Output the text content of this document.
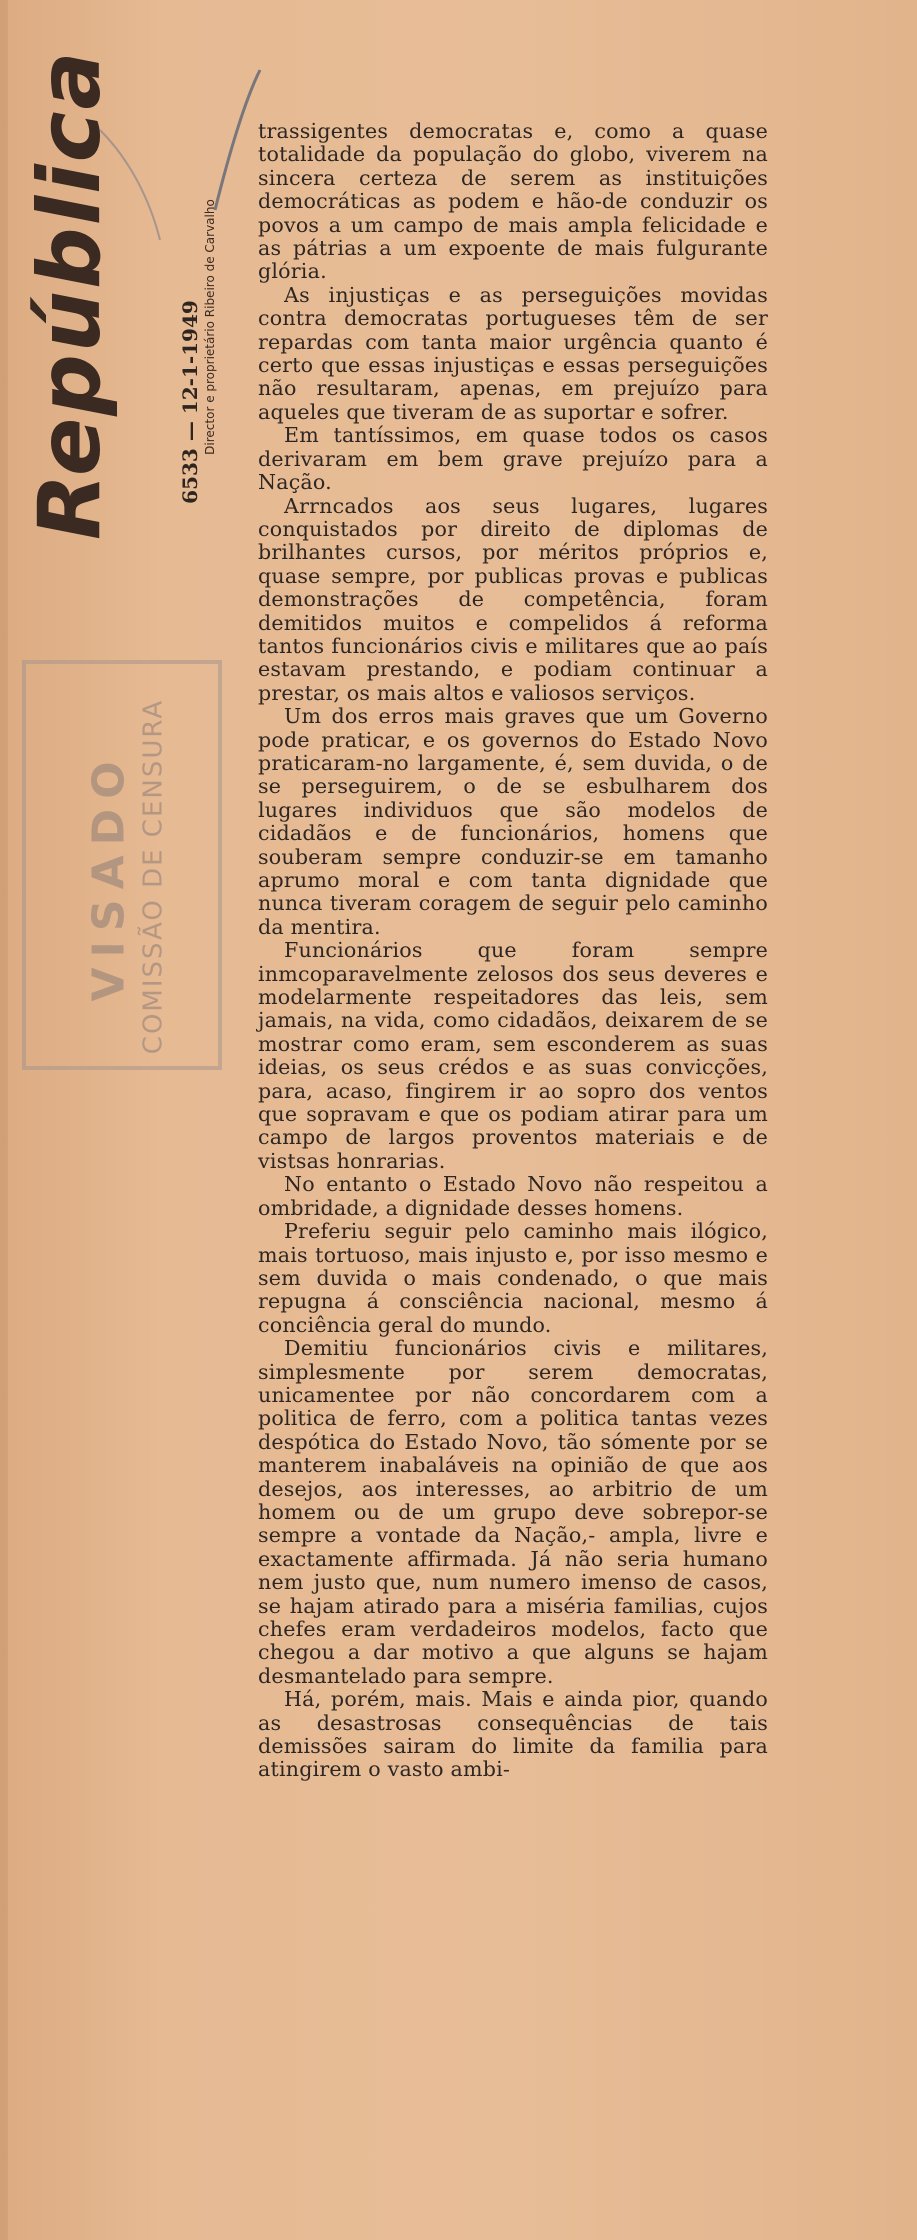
República	Director e proprietário Ribeiro de Carvalho
6533 — 12-1-1949
VISADO COMISSÃO DE CENSURA

trassigentes democratas e, como a quase totalidade da população do globo, viverem na sincera certeza de serem as instituições democráticas as podem e hão-de conduzir os povos a um campo de mais ampla felicidade e as pátrias a um expoente de mais fulgurante glória.

As injustiças e as perseguições movidas contra democratas portugueses têm de ser repardas com tanta maior urgência quanto é certo que essas injustiças e essas perseguições não resultaram, apenas, em prejuízo para aqueles que tiveram de as suportar e sofrer.

Em tantíssimos, em quase todos os casos derivaram em bem grave prejuízo para a Nação.

Arrncados aos seus lugares, lugares conquistados por direito de diplomas de brilhantes cursos, por méritos próprios e, quase sempre, por publicas provas e publicas demonstrações de competência, foram demitidos muitos e compelidos á reforma tantos funcionários civis e militares que ao país estavam prestando, e podiam continuar a prestar, os mais altos e valiosos serviços.

Um dos erros mais graves que um Governo pode praticar, e os governos do Estado Novo praticaram-no largamente, é, sem duvida, o de se perseguirem, o de se esbulharem dos lugares individuos que são modelos de cidadãos e de funcionários, homens que souberam sempre conduzir-se em tamanho aprumo moral e com tanta dignidade que nunca tiveram coragem de seguir pelo caminho da mentira.

Funcionários que foram sempre inmcoparavelmente zelosos dos seus deveres e modelarmente respeitadores das leis, sem jamais, na vida, como cidadãos, deixarem de se mostrar como eram, sem esconderem as suas ideias, os seus crédos e as suas convicções, para, acaso, fingirem ir ao sopro dos ventos que sopravam e que os podiam atirar para um campo de largos proventos materiais e de vistsas honrarias.

No entanto o Estado Novo não respeitou a ombridade, a dignidade desses homens.

Preferiu seguir pelo caminho mais ilógico, mais tortuoso, mais injusto e, por isso mesmo e sem duvida o mais condenado, o que mais repugna á consciência nacional, mesmo á conciência geral do mundo.

Demitiu funcionários civis e militares, simplesmente por serem democratas, unicamentee por não concordarem com a politica de ferro, com a politica tantas vezes despótica do Estado Novo, tão sómente por se manterem inabaláveis na opinião de que aos desejos, aos interesses, ao arbitrio de um homem ou de um grupo deve sobrepor-se sempre a vontade da Nação,- ampla, livre e exactamente affirmada. Já não seria humano nem justo que, num numero imenso de casos, se hajam atirado para a miséria familias, cujos chefes eram verdadeiros modelos, facto que chegou a dar motivo a que alguns se hajam desmantelado para sempre.

Há, porém, mais. Mais e ainda pior, quando as desastrosas consequências de tais demissões sairam do limite da familia para atingirem o vasto ambi-
